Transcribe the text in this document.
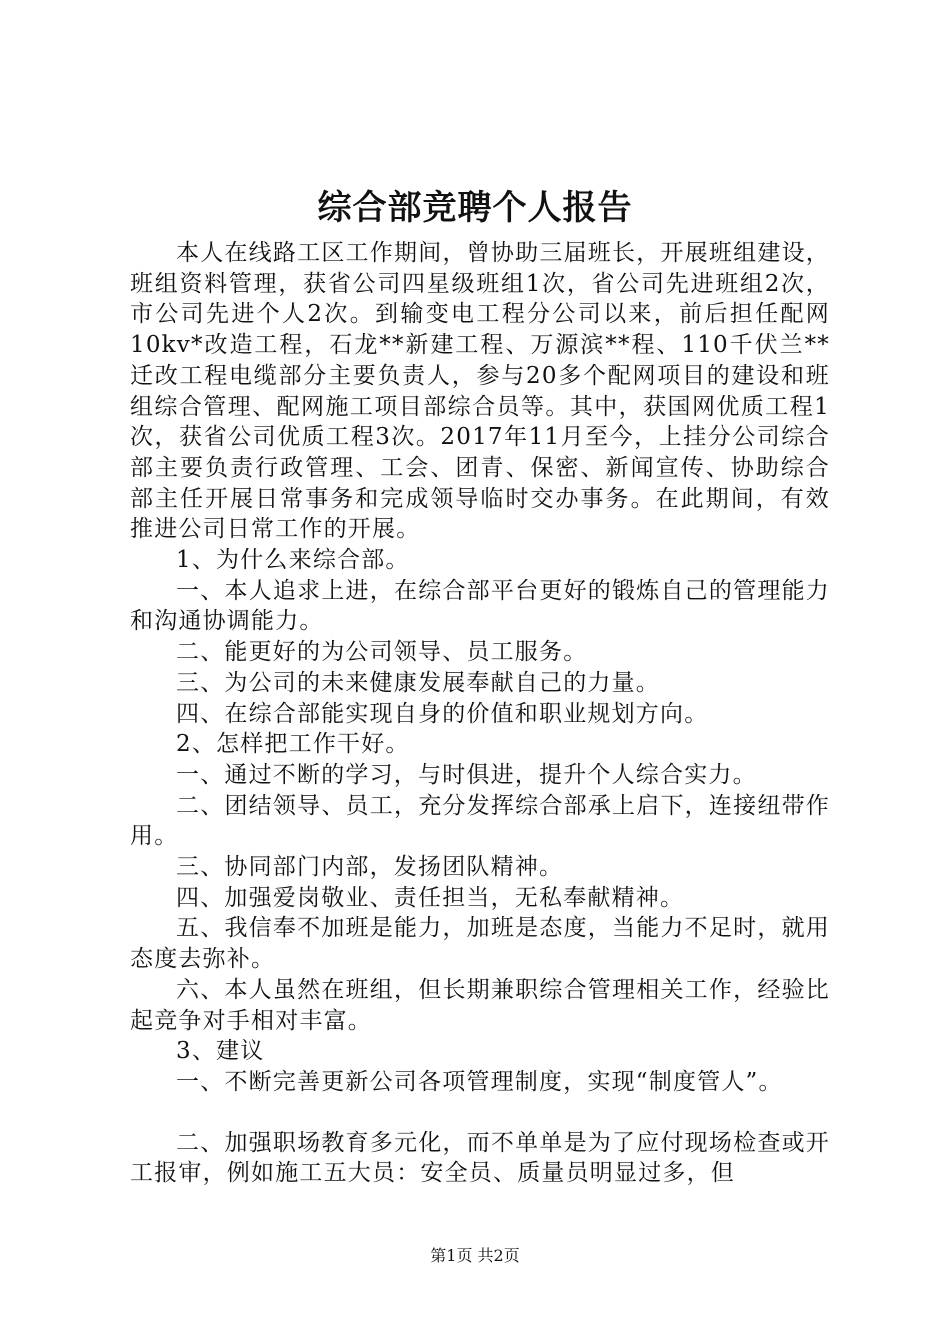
综合部竞聘个人报告

本人在线路工区工作期间，曾协助三届班长，开展班组建设，班组资料管理，获省公司四星级班组1次，省公司先进班组2次，市公司先进个人2次。到输变电工程分公司以来，前后担任配网10kv*改造工程，石龙**新建工程、万源滨**程、110千伏兰**迁改工程电缆部分主要负责人，参与20多个配网项目的建设和班组综合管理、配网施工项目部综合员等。其中，获国网优质工程1次，获省公司优质工程3次。2017年11月至今，上挂分公司综合部主要负责行政管理、工会、团青、保密、新闻宣传、协助综合部主任开展日常事务和完成领导临时交办事务。在此期间，有效推进公司日常工作的开展。

1、为什么来综合部。

一、本人追求上进，在综合部平台更好的锻炼自己的管理能力和沟通协调能力。

二、能更好的为公司领导、员工服务。

三、为公司的未来健康发展奉献自己的力量。

四、在综合部能实现自身的价值和职业规划方向。

2、怎样把工作干好。

一、通过不断的学习，与时俱进，提升个人综合实力。

二、团结领导、员工，充分发挥综合部承上启下，连接纽带作用。

三、协同部门内部，发扬团队精神。

四、加强爱岗敬业、责任担当，无私奉献精神。

五、我信奉不加班是能力，加班是态度，当能力不足时，就用态度去弥补。

六、本人虽然在班组，但长期兼职综合管理相关工作，经验比起竞争对手相对丰富。

3、建议

一、不断完善更新公司各项管理制度，实现“制度管人”。

二、加强职场教育多元化，而不单单是为了应付现场检查或开工报审，例如施工五大员：安全员、质量员明显过多，但

第1页 共2页
